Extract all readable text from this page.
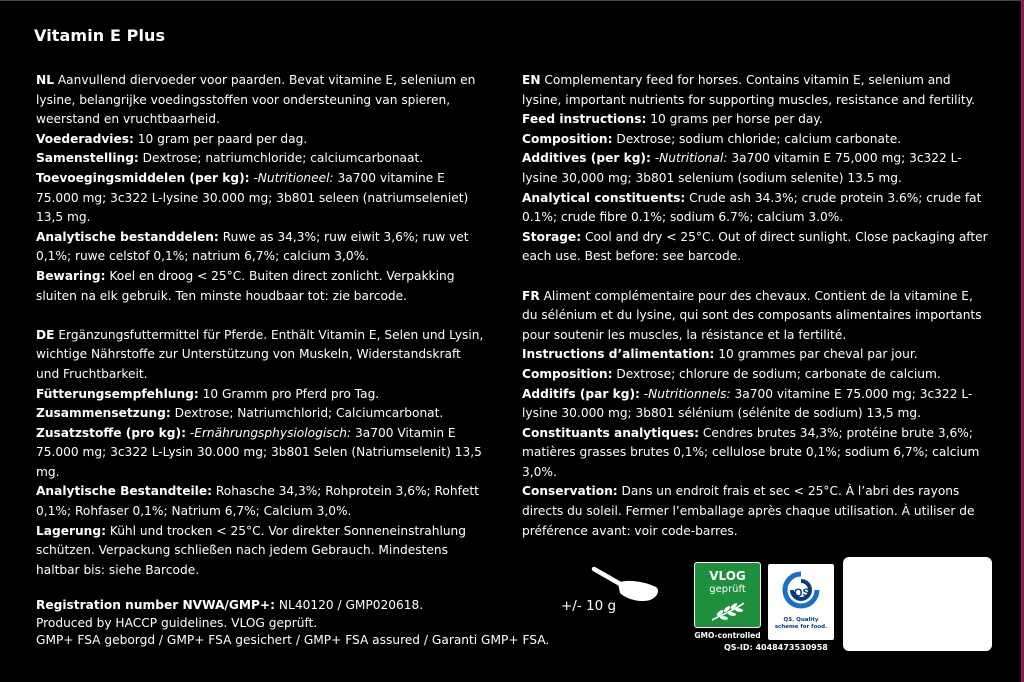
Vitamin E Plus

NL Aanvullend diervoeder voor paarden. Bevat vitamine E, selenium en lysine, belangrijke voedingsstoffen voor ondersteuning van spieren, weerstand en vruchtbaarheid.

Voederadvies: 10 gram per paard per dag.

Samenstelling: Dextrose; natriumchloride; calciumcarbonaat.

Toevoegingsmiddelen (per kg): -Nutritioneel: 3a700 vitamine E 75.000 mg; 3c322 L-lysine 30.000 mg; 3b801 seleen (natriumseleniet) 13,5 mg.

Analytische bestanddelen: Ruwe as 34,3%; ruw eiwit 3,6%; ruw vet 0,1%; ruwe celstof 0,1%; natrium 6,7%; calcium 3,0%.

Bewaring: Koel en droog < 25°C. Buiten direct zonlicht. Verpakking sluiten na elk gebruik. Ten minste houdbaar tot: zie barcode.

DE Ergänzungsfuttermittel für Pferde. Enthält Vitamin E, Selen und Lysin, wichtige Nährstoffe zur Unterstützung von Muskeln, Widerstandskraft und Fruchtbarkeit.

Fütterungsempfehlung: 10 Gramm pro Pferd pro Tag.

Zusammensetzung: Dextrose; Natriumchlorid; Calciumcarbonat.

Zusatzstoffe (pro kg): -Ernährungsphysiologisch: 3a700 Vitamin E 75.000 mg; 3c322 L-Lysin 30.000 mg; 3b801 Selen (Natriumselenit) 13,5 mg.

Analytische Bestandteile: Rohasche 34,3%; Rohprotein 3,6%; Rohfett 0,1%; Rohfaser 0,1%; Natrium 6,7%; Calcium 3,0%.

Lagerung: Kühl und trocken < 25°C. Vor direkter Sonneneinstrahlung schützen. Verpackung schließen nach jedem Gebrauch. Mindestens haltbar bis: siehe Barcode.

EN Complementary feed for horses. Contains vitamin E, selenium and lysine, important nutrients for supporting muscles, resistance and fertility.

Feed instructions: 10 grams per horse per day.

Composition: Dextrose; sodium chloride; calcium carbonate.

Additives (per kg): -Nutritional: 3a700 vitamin E 75,000 mg; 3c322 L-lysine 30,000 mg; 3b801 selenium (sodium selenite) 13.5 mg.

Analytical constituents: Crude ash 34.3%; crude protein 3.6%; crude fat 0.1%; crude fibre 0.1%; sodium 6.7%; calcium 3.0%.

Storage: Cool and dry < 25°C. Out of direct sunlight. Close packaging after each use. Best before: see barcode.

FR Aliment complémentaire pour des chevaux. Contient de la vitamine E, du sélénium et du lysine, qui sont des composants alimentaires importants pour soutenir les muscles, la résistance et la fertilité.

Instructions d’alimentation: 10 grammes par cheval par jour.

Composition: Dextrose; chlorure de sodium; carbonate de calcium.

Additifs (par kg): -Nutritionnels: 3a700 vitamine E 75.000 mg; 3c322 L-lysine 30.000 mg; 3b801 sélénium (sélénite de sodium) 13,5 mg.

Constituants analytiques: Cendres brutes 34,3%; protéine brute 3,6%; matières grasses brutes 0,1%; cellulose brute 0,1%; sodium 6,7%; calcium 3,0%.

Conservation: Dans un endroit frais et sec < 25°C. À l’abri des rayons directs du soleil. Fermer l’emballage après chaque utilisation. À utiliser de préférence avant: voir code-barres.

Registration number NVWA/GMP+: NL40120 / GMP020618.

Produced by HACCP guidelines. VLOG geprüft.

GMP+ FSA geborgd / GMP+ FSA gesichert / GMP+ FSA assured / Garanti GMP+ FSA.

+/- 10 g
VLOG
geprüft
GMO-controlled
QS
QS. Quality
scheme for food.
QS-ID: 4048473530958
